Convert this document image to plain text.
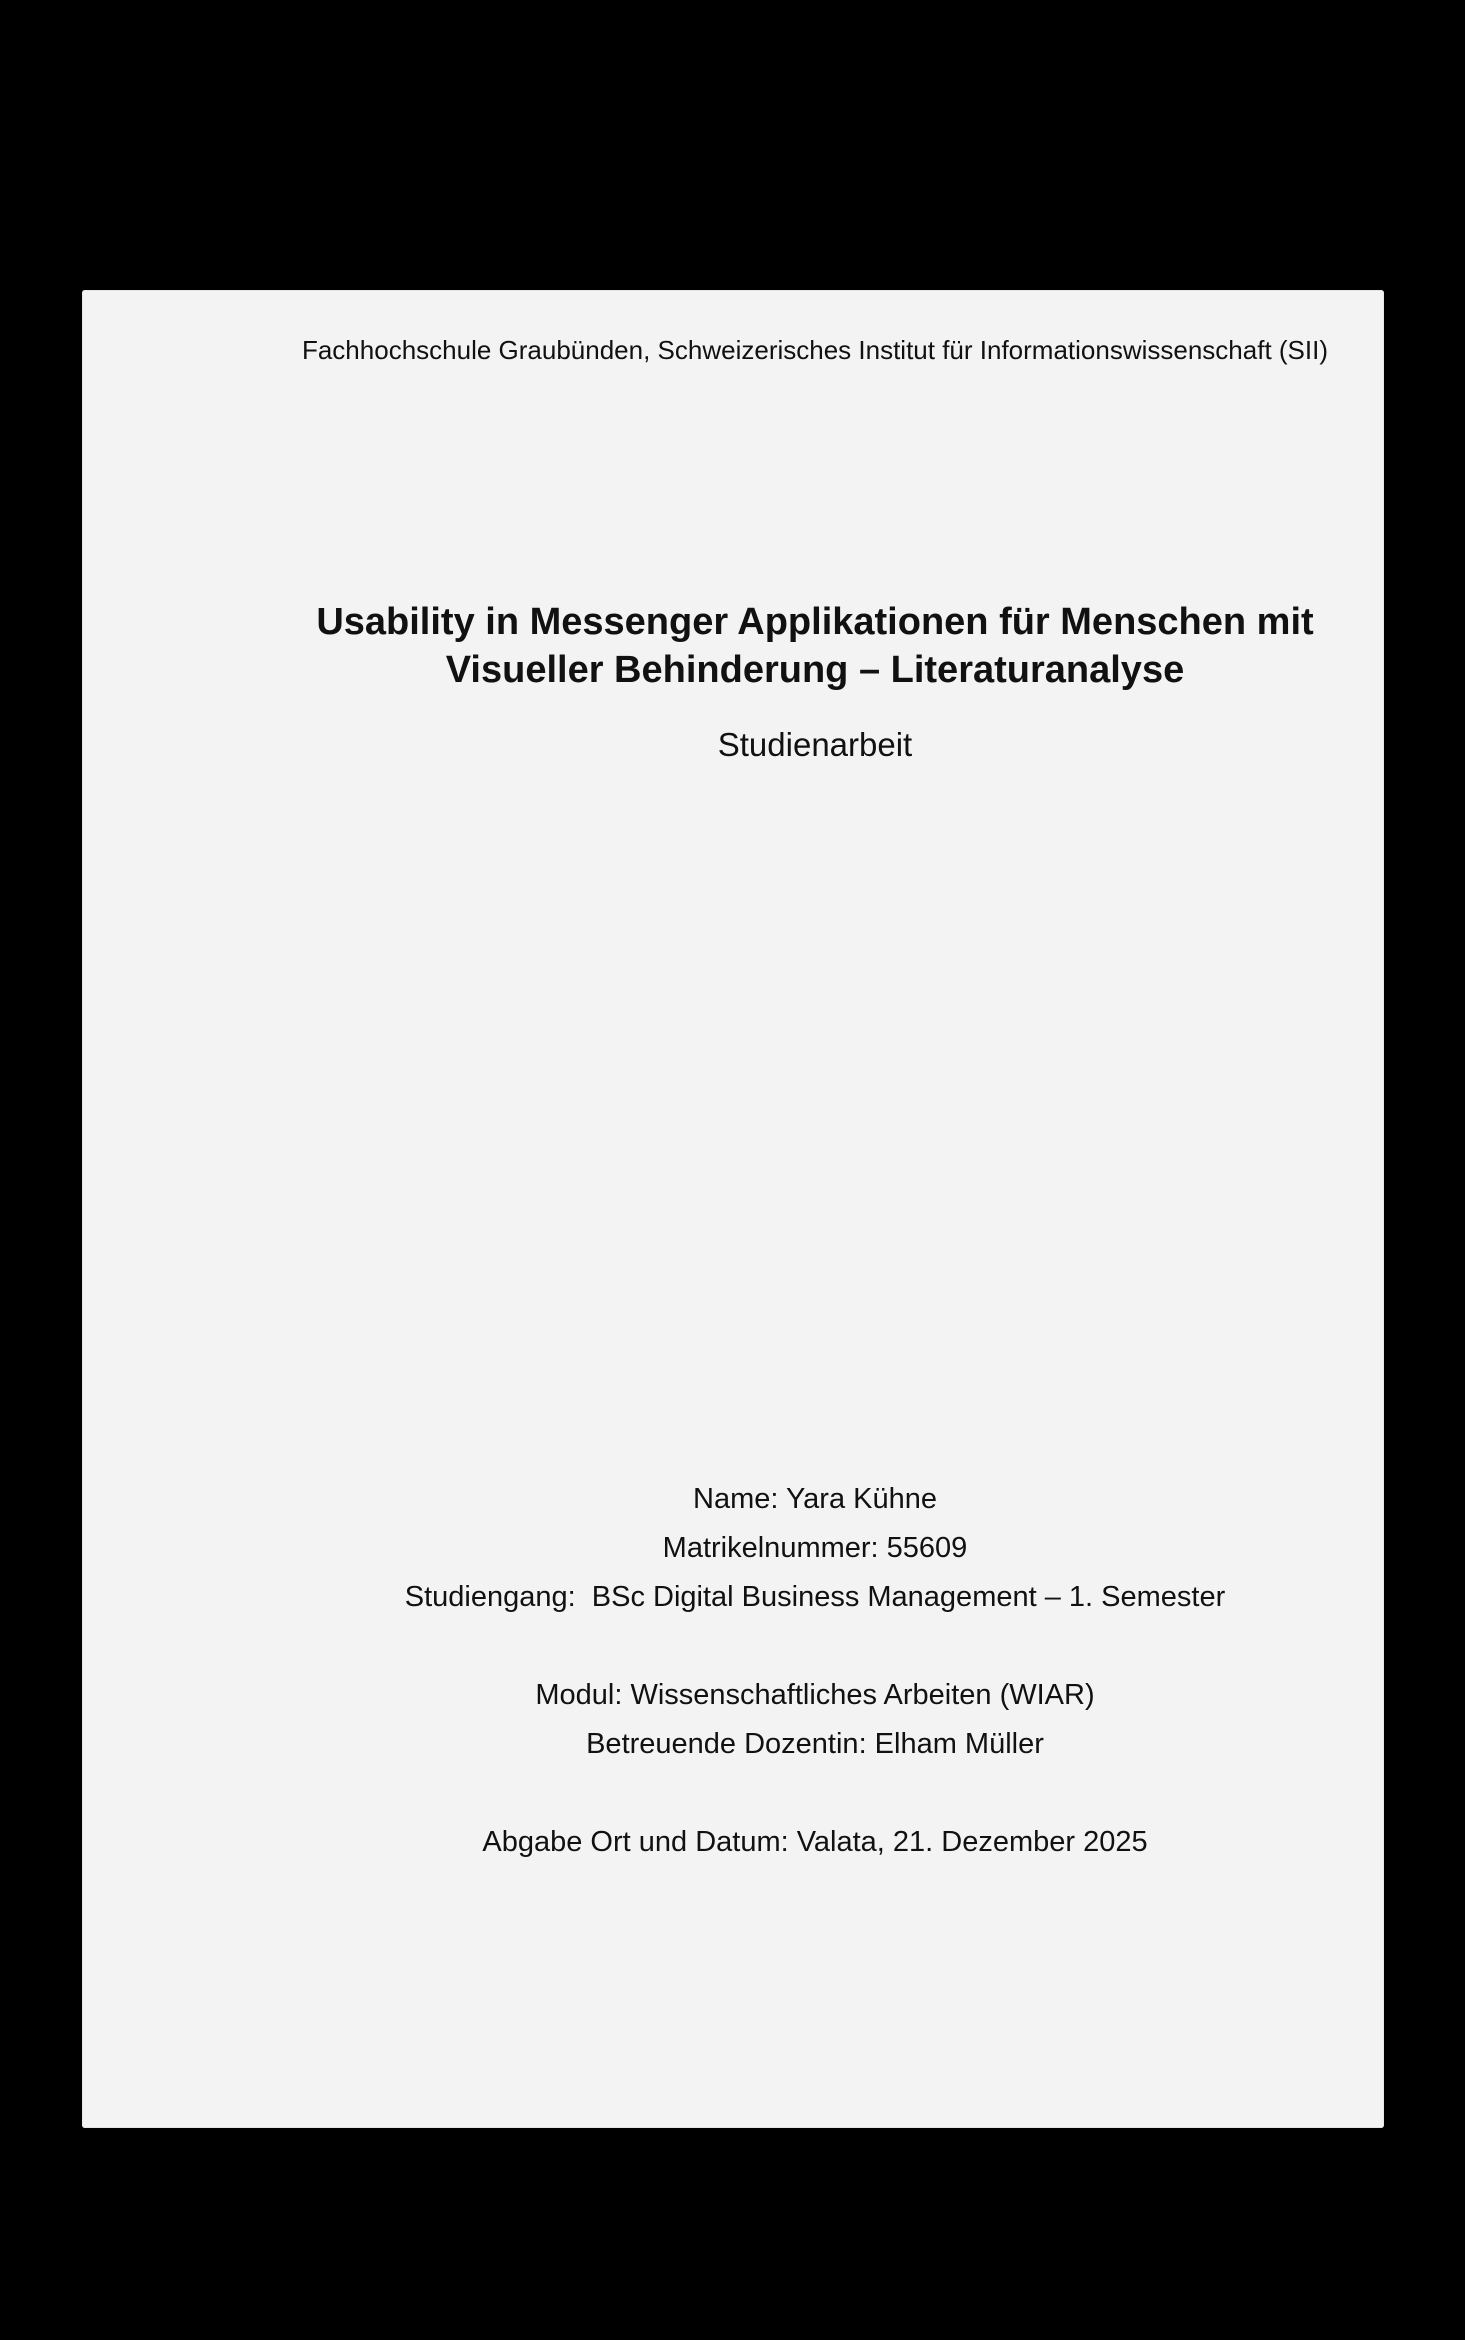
Fachhochschule Graubünden, Schweizerisches Institut für Informationswissenschaft (SII)
Usability in Messenger Applikationen für Menschen mit
Visueller Behinderung – Literaturanalyse
Studienarbeit
Name: Yara Kühne
Matrikelnummer: 55609
Studiengang:  BSc Digital Business Management – 1. Semester
Modul: Wissenschaftliches Arbeiten (WIAR)
Betreuende Dozentin: Elham Müller
Abgabe Ort und Datum: Valata, 21. Dezember 2025
